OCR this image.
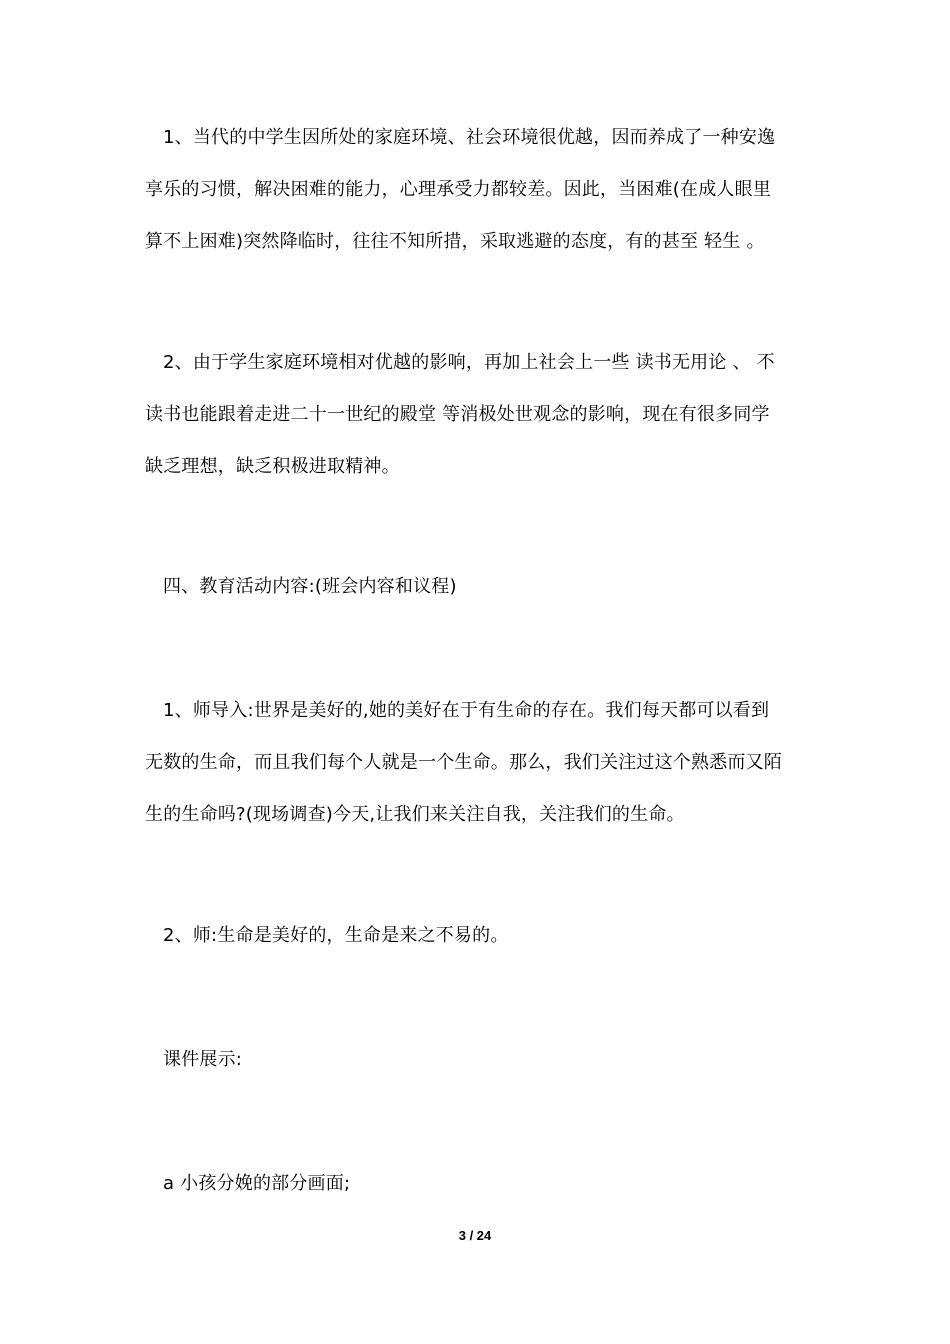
1、当代的中学生因所处的家庭环境、社会环境很优越，因而养成了一种安逸
享乐的习惯，解决困难的能力，心理承受力都较差。因此，当困难(在成人眼里
算不上困难)突然降临时，往往不知所措，采取逃避的态度，有的甚至 轻生 。
2、由于学生家庭环境相对优越的影响，再加上社会上一些 读书无用论 、 不
读书也能跟着走进二十一世纪的殿堂 等消极处世观念的影响，现在有很多同学
缺乏理想，缺乏积极进取精神。
四、教育活动内容:(班会内容和议程)
1、师导入:世界是美好的,她的美好在于有生命的存在。我们每天都可以看到
无数的生命，而且我们每个人就是一个生命。那么，我们关注过这个熟悉而又陌
生的生命吗?(现场调查)今天,让我们来关注自我，关注我们的生命。
2、师:生命是美好的，生命是来之不易的。
课件展示:
a 小孩分娩的部分画面;
3 / 24
